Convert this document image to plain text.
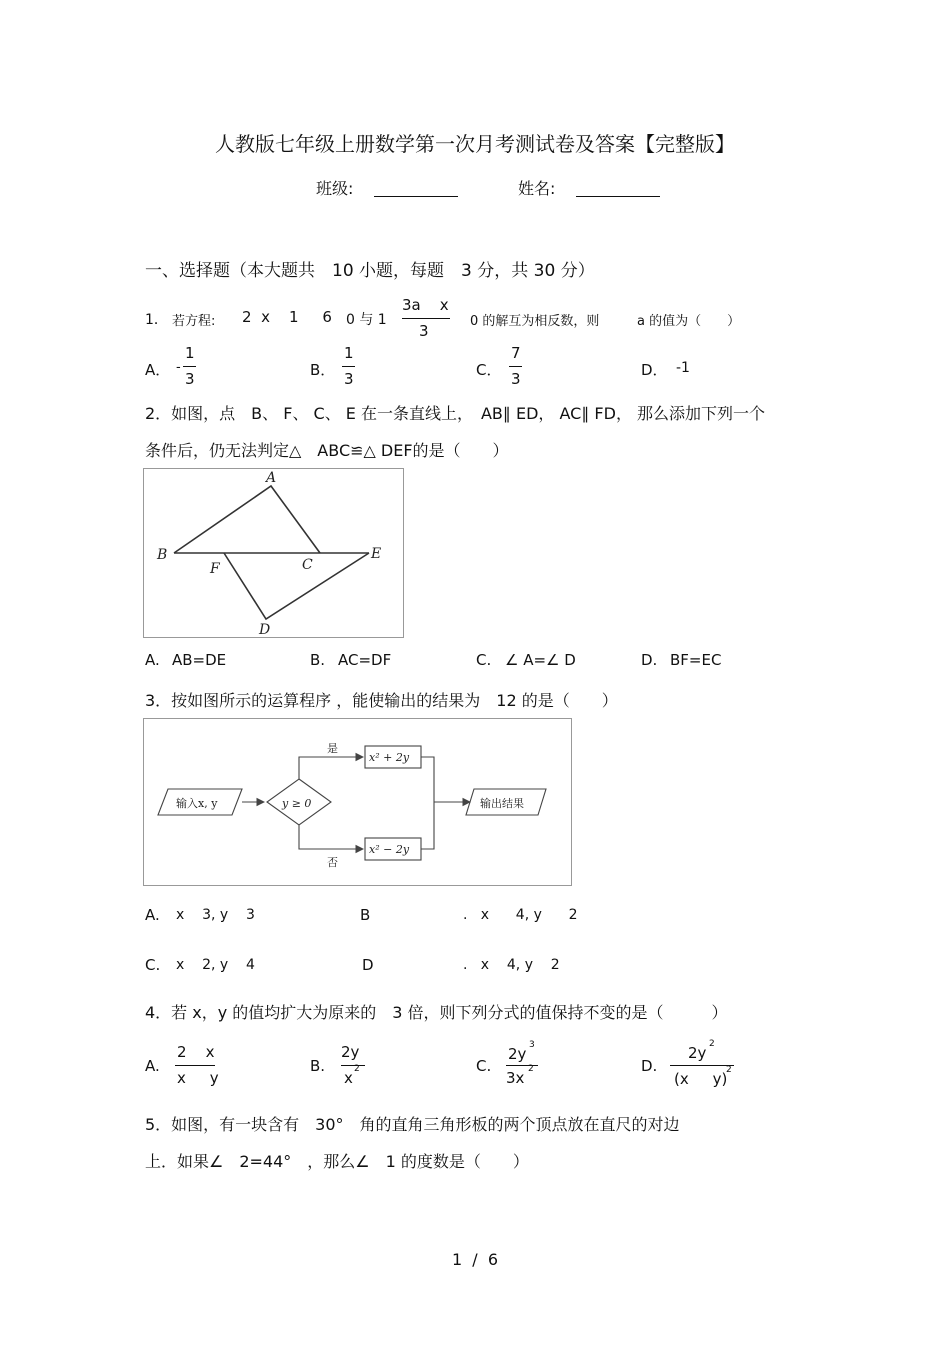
人教版七年级上册数学第一次月考测试卷及答案【完整版】
班级:	姓名:
一、选择题（本大题共　10 小题，每题　3 分，共 30 分）
1． 若方程: 2  x    1     6 0 与 1
3a    x
3
0 的解互为相反数，则	a 的值为（　　）
A． -
1
3	B．
1
3	C．
7
3	D． -1
2．如图，点　B、 F、 C、 E 在一条直线上，　AB∥ ED， AC∥ FD， 那么添加下列一个
条件后，仍无法判定△　ABC≌△ DEF的是（　　）
A
B
F	C
E
D
A. AB=DE	B. AC=DF	C. ∠ A=∠ D	D. BF=EC
3．按如图所示的运算程序 ，能使输出的结果为　12 的是（　　）
输入x, y	y ≥ 0
是
否
x² + 2y
x² − 2y
输出结果
A. x    3, y    3	B	.   x      4, y      2
C. x    2, y    4	D	.   x    4, y    2
4．若 x，y 的值均扩大为原来的　3 倍，则下列分式的值保持不变的是（　　　）
A.
2    x
x     y
B.
2y
x 2	C.
2y 3
3x 2	D.
2y 2
(x     y)
2
5．如图，有一块含有　30°　角的直角三角形板的两个顶点放在直尺的对边
上．如果∠　2=44°　，那么∠　1 的度数是（　　）
1  /  6
